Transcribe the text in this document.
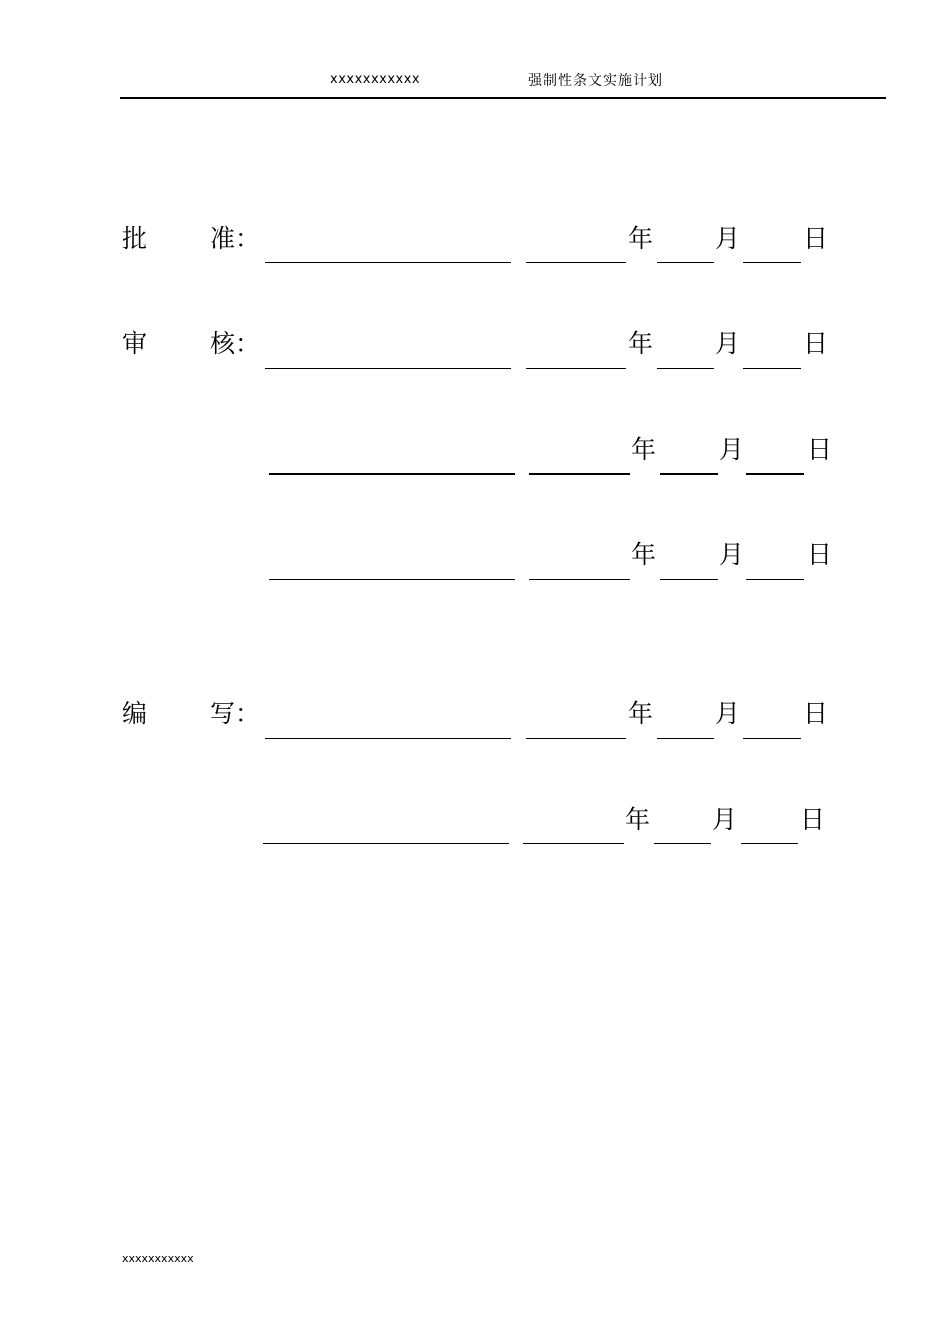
xxxxxxxxxxx	强制性条文实施计划
批	准：	年 月	日
审	核：	年 月	日
年	月	日
年	月	日
编	写：	年 月	日
年 月	日
xxxxxxxxxxx
